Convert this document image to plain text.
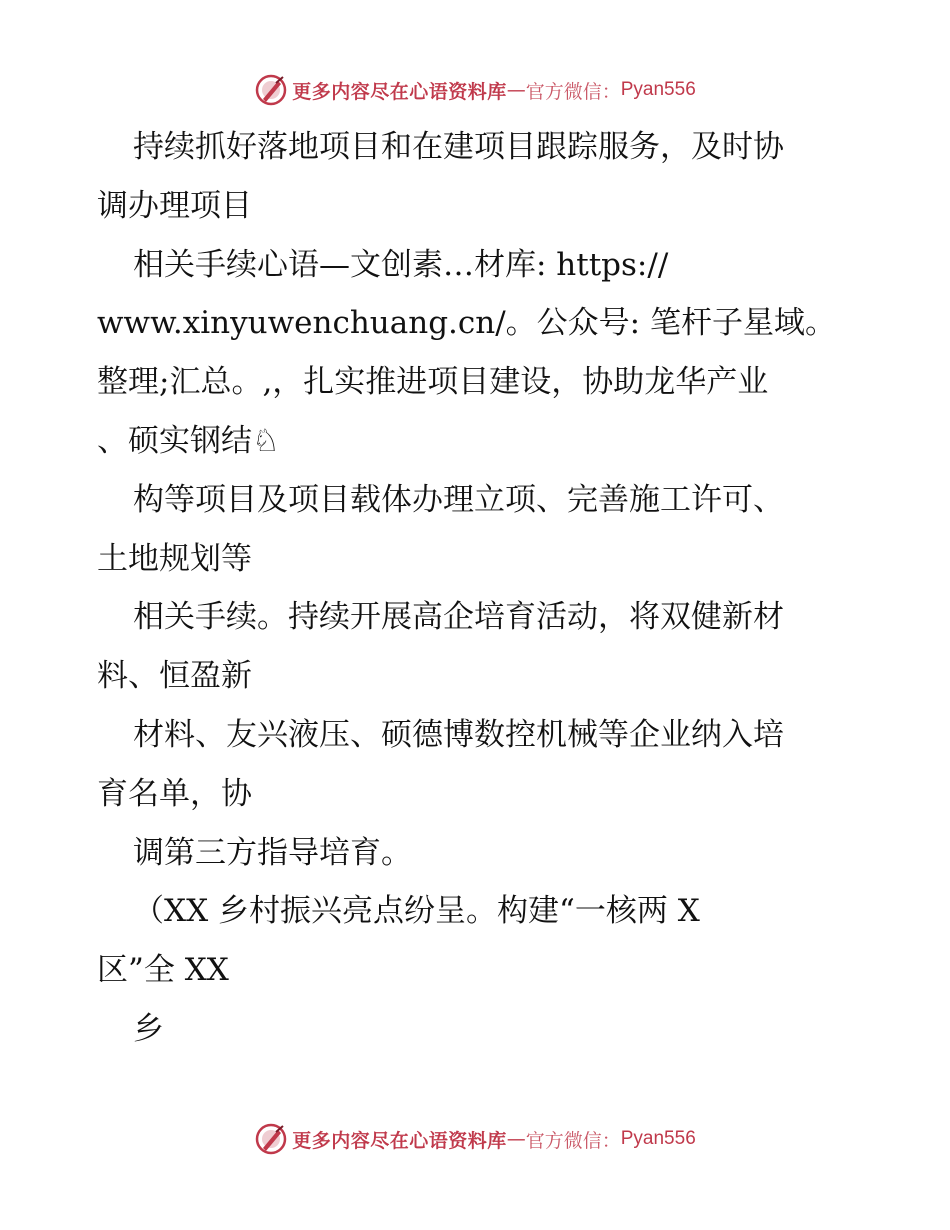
更多内容尽在心语资料库 — 官方微信： Pyan556
持续抓好落地项目和在建项目跟踪服务，及时协
调办理项目
相关手续心语—文创素…材库: https://
www.xinyuwenchuang.cn/。公众号: 笔杆子星域。
整理;汇总。,，扎实推进项目建设，协助龙华产业
、硕实钢结♘
构等项目及项目载体办理立项、完善施工许可、
土地规划等
相关手续。持续开展高企培育活动，将双健新材
料、恒盈新
材料、友兴液压、硕德博数控机械等企业纳入培
育名单，协
调第三方指导培育。
（XX 乡村振兴亮点纷呈。构建“一核两 X
区”全 XX
乡
更多内容尽在心语资料库 — 官方微信： Pyan556
